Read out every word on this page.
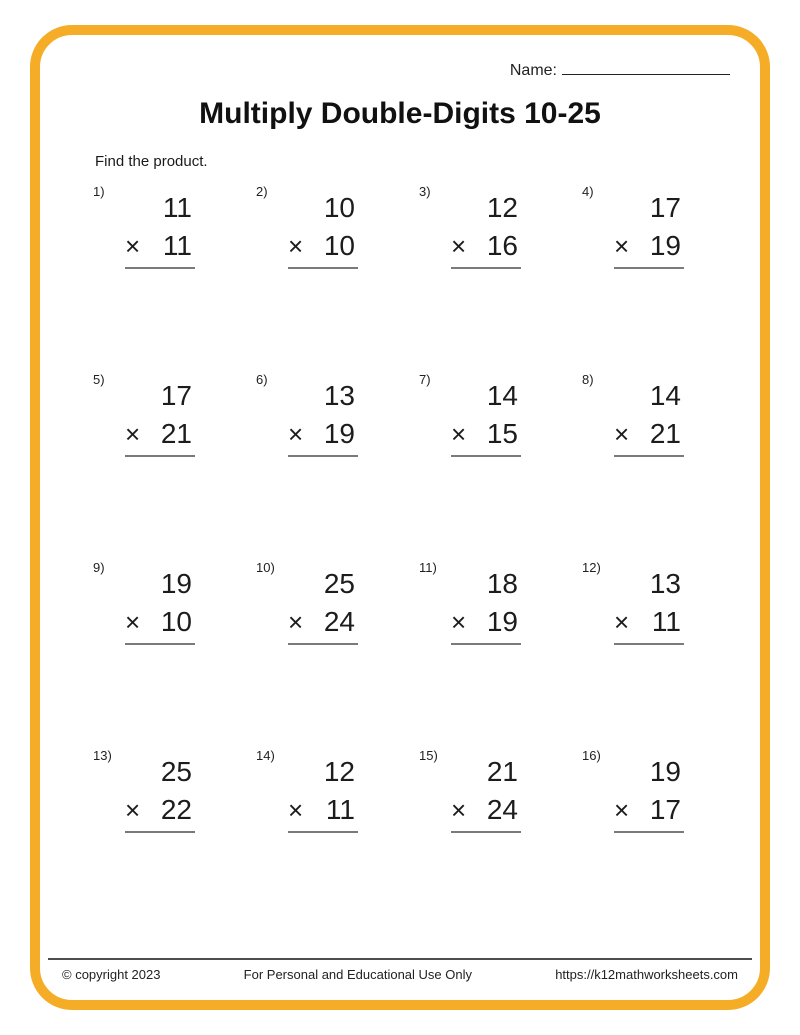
Name:
Multiply Double-Digits 10-25
Find the product.
1)
11
× 11
2)
10
× 10
3)
12
× 16
4)
17
× 19
5)
17
× 21
6)
13
× 19
7)
14
× 15
8)
14
× 21
9)
19
× 10
10)
25
× 24
11)
18
× 19
12)
13
× 11
13)
25
× 22
14)
12
× 11
15)
21
× 24
16)
19
× 17
© copyright 2023	For Personal and Educational Use Only	https://k12mathworksheets.com
